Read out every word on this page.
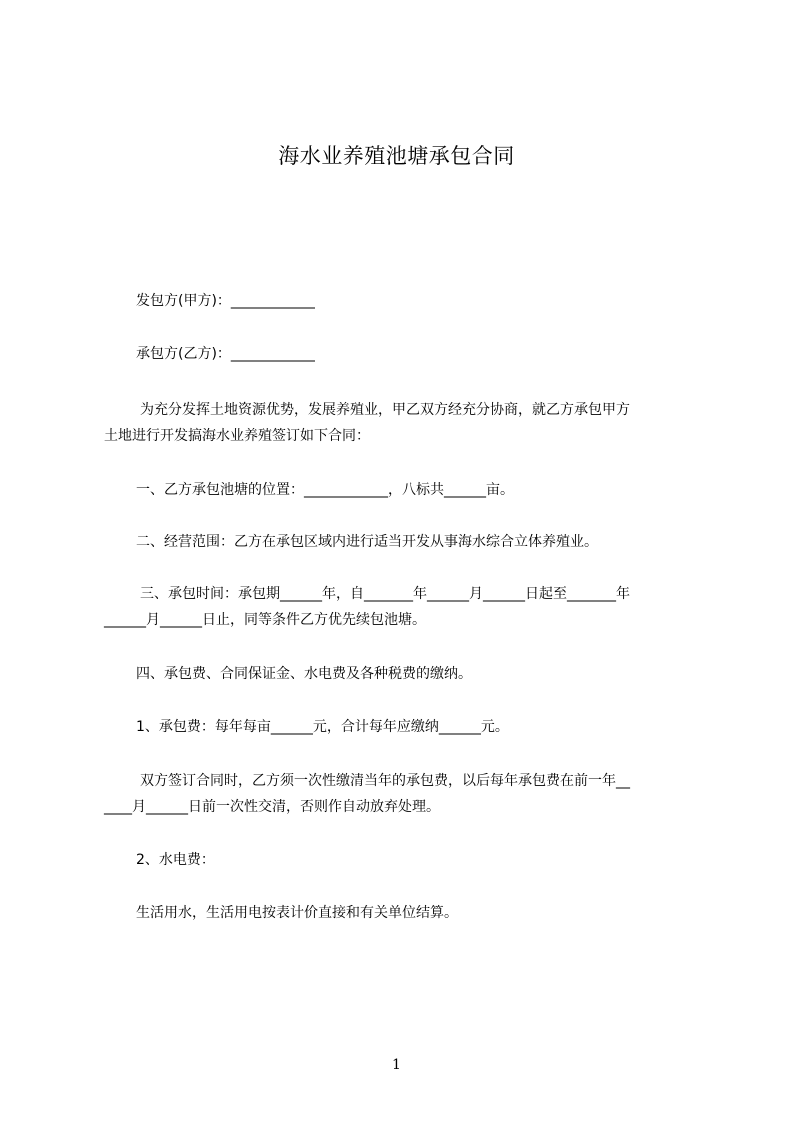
海水业养殖池塘承包合同
发包方(甲方)：____________
承包方(乙方)：____________
为充分发挥土地资源优势，发展养殖业，甲乙双方经充分协商，就乙方承包甲方
土地进行开发搞海水业养殖签订如下合同：
一、乙方承包池塘的位置：____________，八标共______亩。
二、经营范围：乙方在承包区域内进行适当开发从事海水综合立体养殖业。
三、承包时间：承包期______年，自_______年______月______日起至_______年
______月______日止，同等条件乙方优先续包池塘。
四、承包费、合同保证金、水电费及各种税费的缴纳。
1、承包费：每年每亩______元，合计每年应缴纳______元。
双方签订合同时，乙方须一次性缴清当年的承包费，以后每年承包费在前一年__
____月______日前一次性交清，否则作自动放弃处理。
2、水电费：
生活用水，生活用电按表计价直接和有关单位结算。
1
